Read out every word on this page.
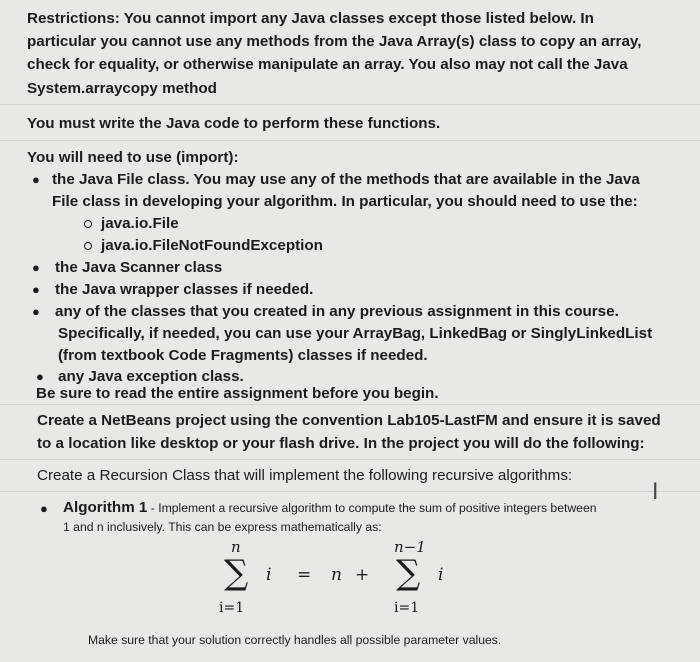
Restrictions: You cannot import any Java classes except those listed below. In
particular you cannot use any methods from the Java Array(s) class to copy an array,
check for equality, or otherwise manipulate an array. You also may not call the Java
System.arraycopy method
You must write the Java code to perform these functions.
You will need to use (import):
● the Java File class. You may use any of the methods that are available in the Java
File class in developing your algorithm. In particular, you should need to use the:
java.io.File
java.io.FileNotFoundException
● the Java Scanner class
● the Java wrapper classes if needed.
● any of the classes that you created in any previous assignment in this course.
Specifically, if needed, you can use your ArrayBag, LinkedBag or SinglyLinkedList
(from textbook Code Fragments) classes if needed.
● any Java exception class.
Be sure to read the entire assignment before you begin.
Create a NetBeans project using the convention Lab105-LastFM and ensure it is saved
to a location like desktop or your flash drive. In the project you will do the following:
Create a Recursion Class that will implement the following recursive algorithms:
● Algorithm 1 - Implement a recursive algorithm to compute the sum of positive integers between
1 and n inclusively. This can be express mathematically as:
n
∑ i
i=1
= n +
n−1
∑ i
i=1
Make sure that your solution correctly handles all possible parameter values.
I
